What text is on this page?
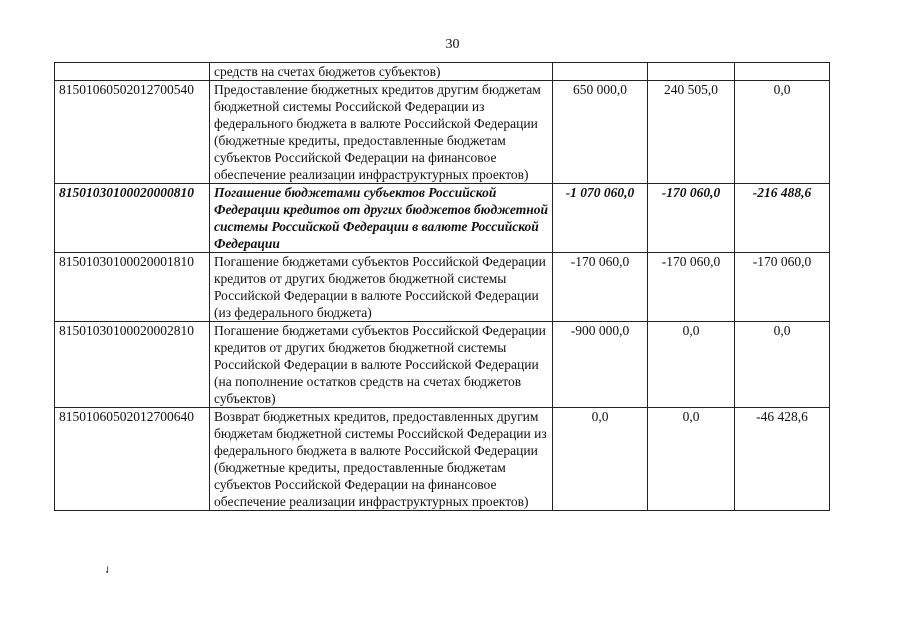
30
	средств на счетах бюджетов субъектов)			
81501060502012700540	Предоставление бюджетных кредитов другим бюджетам бюджетной системы Российской Федерации из федерального бюджета в валюте Российской Федерации (бюджетные кредиты, предоставленные бюджетам субъектов Российской Федерации на финансовое обеспечение реализации инфраструктурных проектов)	650 000,0	240 505,0	0,0
81501030100020000810	Погашение бюджетами субъектов Российской Федерации кредитов от других бюджетов бюджетной системы Российской Федерации в валюте Российской Федерации	-1 070 060,0	-170 060,0	-216 488,6
81501030100020001810	Погашение бюджетами субъектов Российской Федерации кредитов от других бюджетов бюджетной системы Российской Федерации в валюте Российской Федерации (из федерального бюджета)	-170 060,0	-170 060,0	-170 060,0
81501030100020002810	Погашение бюджетами субъектов Российской Федерации кредитов от других бюджетов бюджетной системы Российской Федерации в валюте Российской Федерации (на пополнение остатков средств на счетах бюджетов субъектов)	-900 000,0	0,0	0,0
81501060502012700640	Возврат бюджетных кредитов, предоставленных другим бюджетам бюджетной системы Российской Федерации из федерального бюджета в валюте Российской Федерации (бюджетные кредиты, предоставленные бюджетам субъектов Российской Федерации на финансовое обеспечение реализации инфраструктурных проектов)	0,0	0,0	-46 428,6
✓
